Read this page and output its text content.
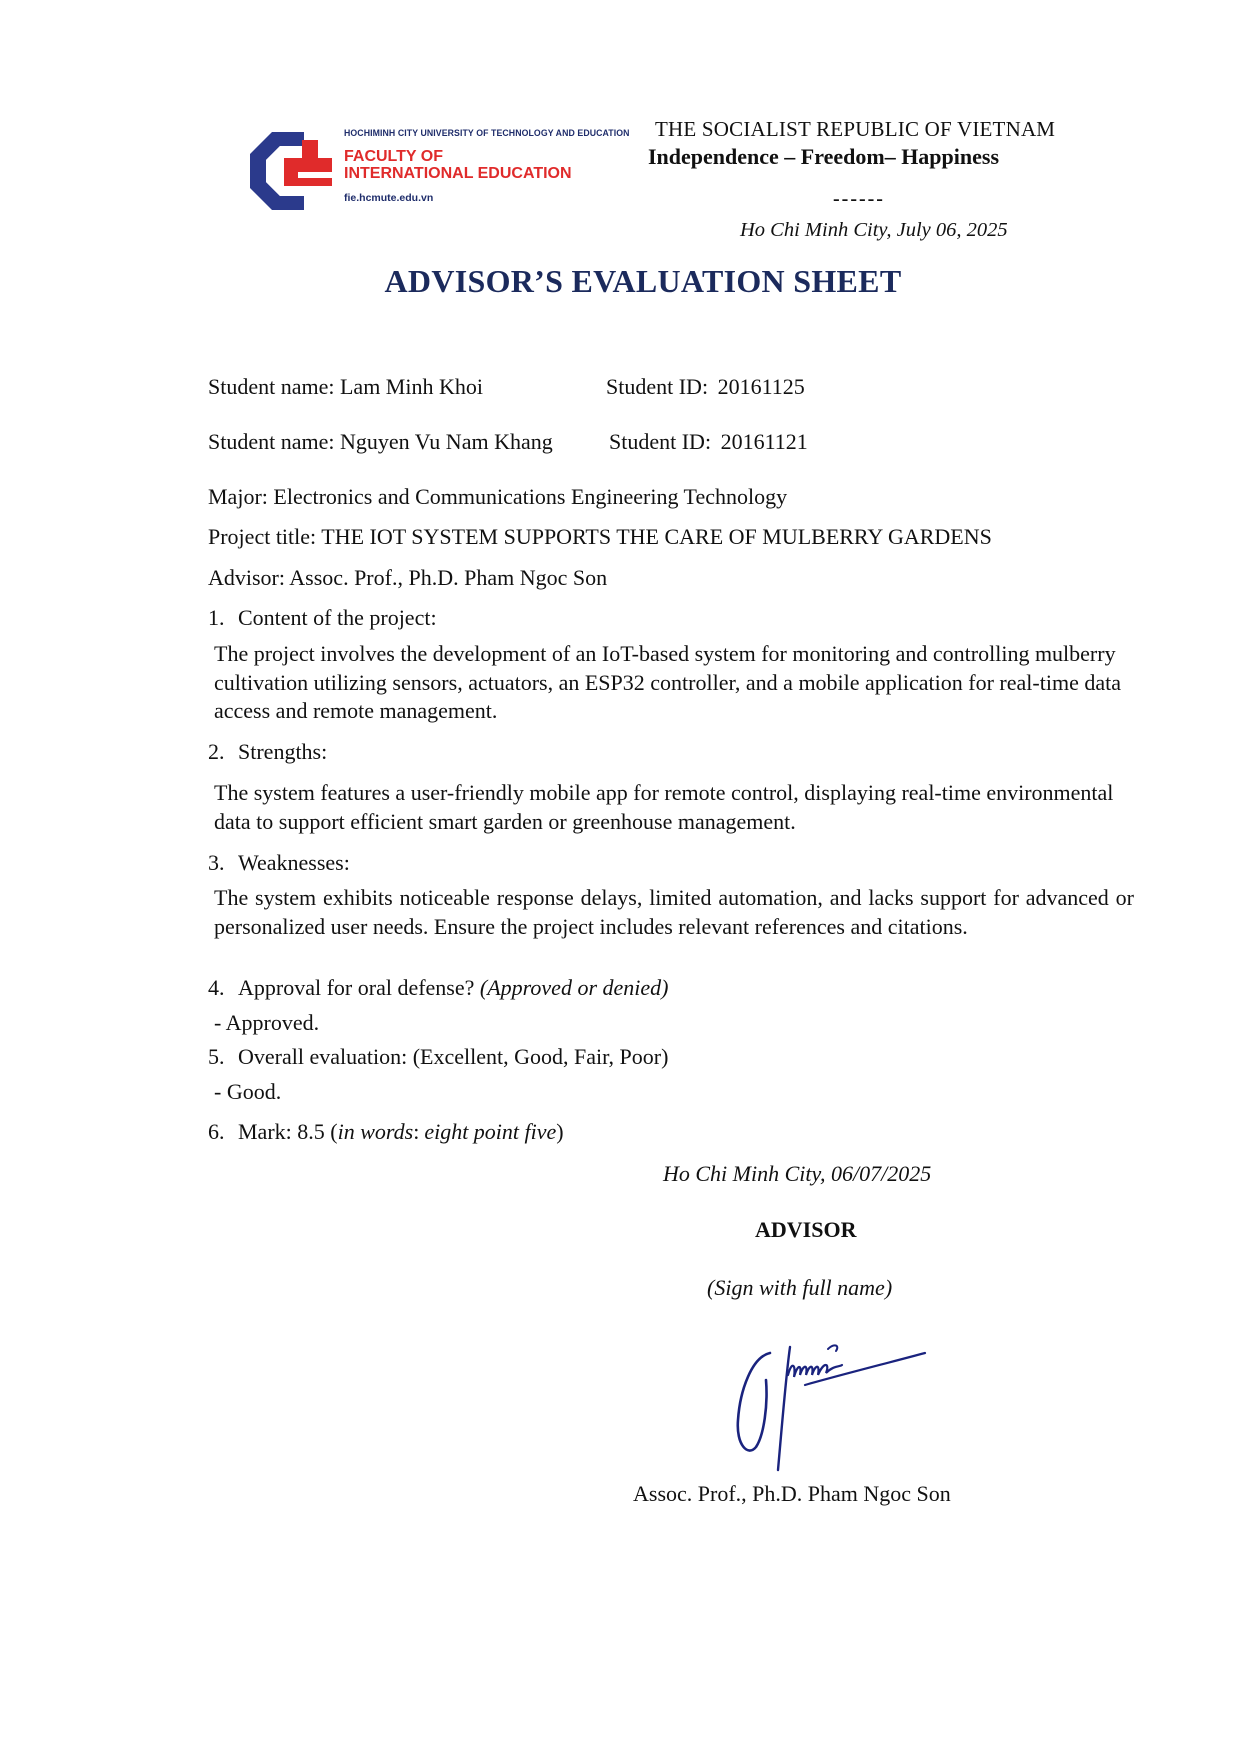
HOCHIMINH CITY UNIVERSITY OF TECHNOLOGY AND EDUCATION
FACULTY OF
INTERNATIONAL EDUCATION
fie.hcmute.edu.vn
THE SOCIALIST REPUBLIC OF VIETNAM
Independence – Freedom– Happiness
------
Ho Chi Minh City, July 06, 2025
ADVISOR’S EVALUATION SHEET
Student name: Lam Minh Khoi	Student ID: 20161125
Student name: Nguyen Vu Nam Khang	Student ID: 20161121
Major: Electronics and Communications Engineering Technology
Project title: THE IOT SYSTEM SUPPORTS THE CARE OF MULBERRY GARDENS
Advisor: Assoc. Prof., Ph.D. Pham Ngoc Son
1. Content of the project:
The project involves the development of an IoT-based system for monitoring and controlling mulberry cultivation utilizing sensors, actuators, an ESP32 controller, and a mobile application for real-time data access and remote management.
2. Strengths:
The system features a user-friendly mobile app for remote control, displaying real-time environmental data to support efficient smart garden or greenhouse management.
3. Weaknesses:
The system exhibits noticeable response delays, limited automation, and lacks support for advanced or personalized user needs. Ensure the project includes relevant references and citations.
4. Approval for oral defense? (Approved or denied)
- Approved.
5. Overall evaluation: (Excellent, Good, Fair, Poor)
- Good.
6. Mark: 8.5 (in words: eight point five)
Ho Chi Minh City, 06/07/2025
ADVISOR
(Sign with full name)
Assoc. Prof., Ph.D. Pham Ngoc Son
